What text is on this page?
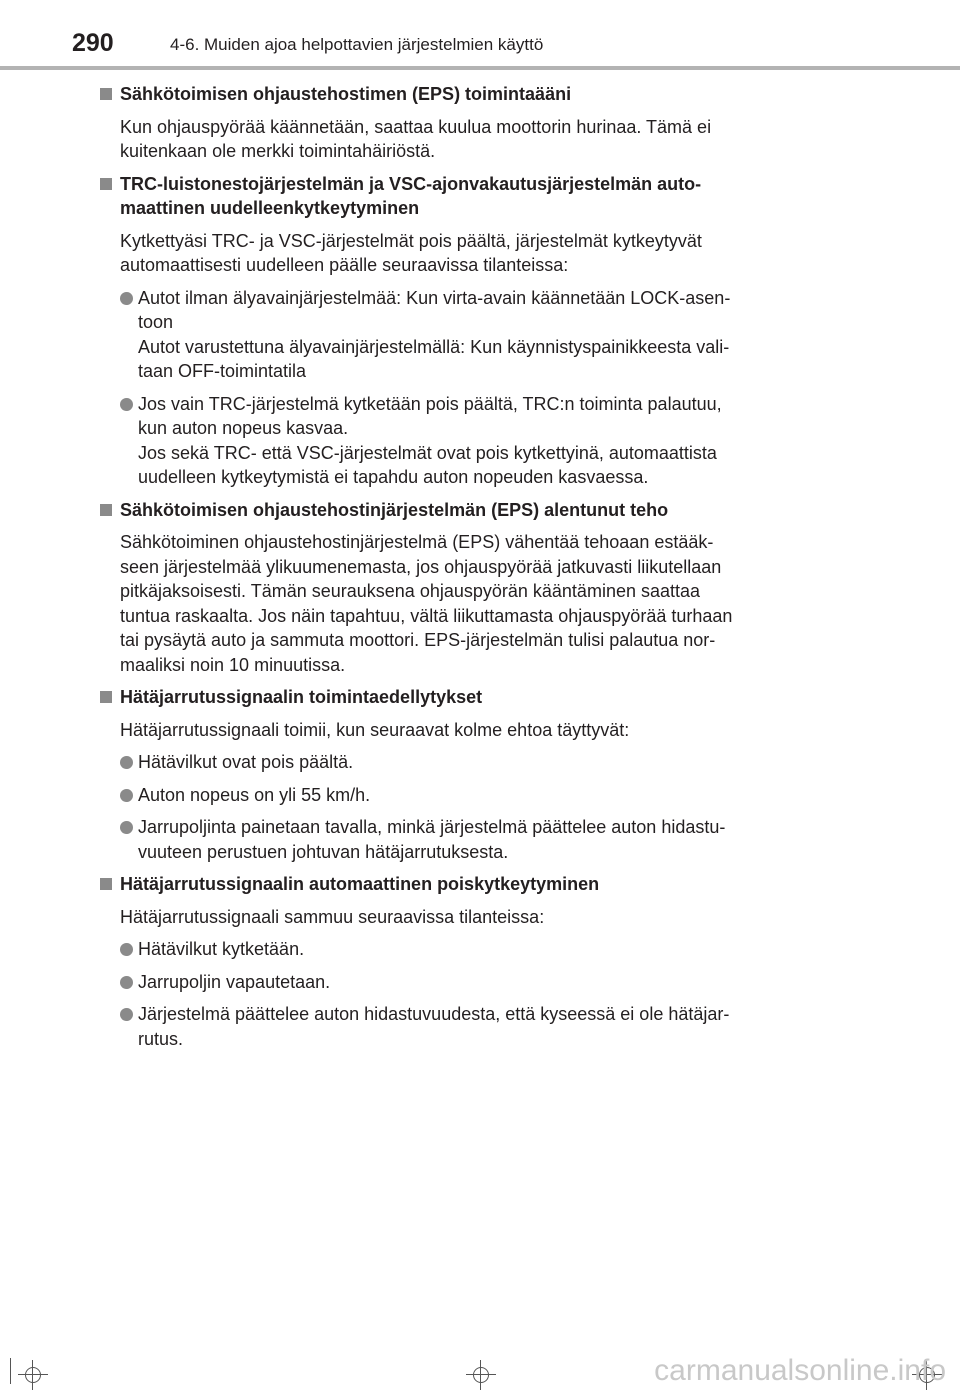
290	4-6. Muiden ajoa helpottavien järjestelmien käyttö
Sähkötoimisen ohjaustehostimen (EPS) toimintaääni
Kun ohjauspyörää käännetään, saattaa kuulua moottorin hurinaa. Tämä ei
kuitenkaan ole merkki toimintahäiriöstä.
TRC-luistonestojärjestelmän ja VSC-ajonvakautusjärjestelmän auto-
maattinen uudelleenkytkeytyminen
Kytkettyäsi TRC- ja VSC-järjestelmät pois päältä, järjestelmät kytkeytyvät
automaattisesti uudelleen päälle seuraavissa tilanteissa:
Autot ilman älyavainjärjestelmää: Kun virta-avain käännetään LOCK-asen-
toon
Autot varustettuna älyavainjärjestelmällä: Kun käynnistyspainikkeesta vali-
taan OFF-toimintatila
Jos vain TRC-järjestelmä kytketään pois päältä, TRC:n toiminta palautuu,
kun auton nopeus kasvaa.
Jos sekä TRC- että VSC-järjestelmät ovat pois kytkettyinä, automaattista
uudelleen kytkeytymistä ei tapahdu auton nopeuden kasvaessa.
Sähkötoimisen ohjaustehostinjärjestelmän (EPS) alentunut teho
Sähkötoiminen ohjaustehostinjärjestelmä (EPS) vähentää tehoaan estääk-
seen järjestelmää ylikuumenemasta, jos ohjauspyörää jatkuvasti liikutellaan
pitkäjaksoisesti. Tämän seurauksena ohjauspyörän kääntäminen saattaa
tuntua raskaalta. Jos näin tapahtuu, vältä liikuttamasta ohjauspyörää turhaan
tai pysäytä auto ja sammuta moottori. EPS-järjestelmän tulisi palautua nor-
maaliksi noin 10 minuutissa.
Hätäjarrutussignaalin toimintaedellytykset
Hätäjarrutussignaali toimii, kun seuraavat kolme ehtoa täyttyvät:
Hätävilkut ovat pois päältä.
Auton nopeus on yli 55 km/h.
Jarrupoljinta painetaan tavalla, minkä järjestelmä päättelee auton hidastu-
vuuteen perustuen johtuvan hätäjarrutuksesta.
Hätäjarrutussignaalin automaattinen poiskytkeytyminen
Hätäjarrutussignaali sammuu seuraavissa tilanteissa:
Hätävilkut kytketään.
Jarrupoljin vapautetaan.
Järjestelmä päättelee auton hidastuvuudesta, että kyseessä ei ole hätäjar-
rutus.
carmanualsonline.info
